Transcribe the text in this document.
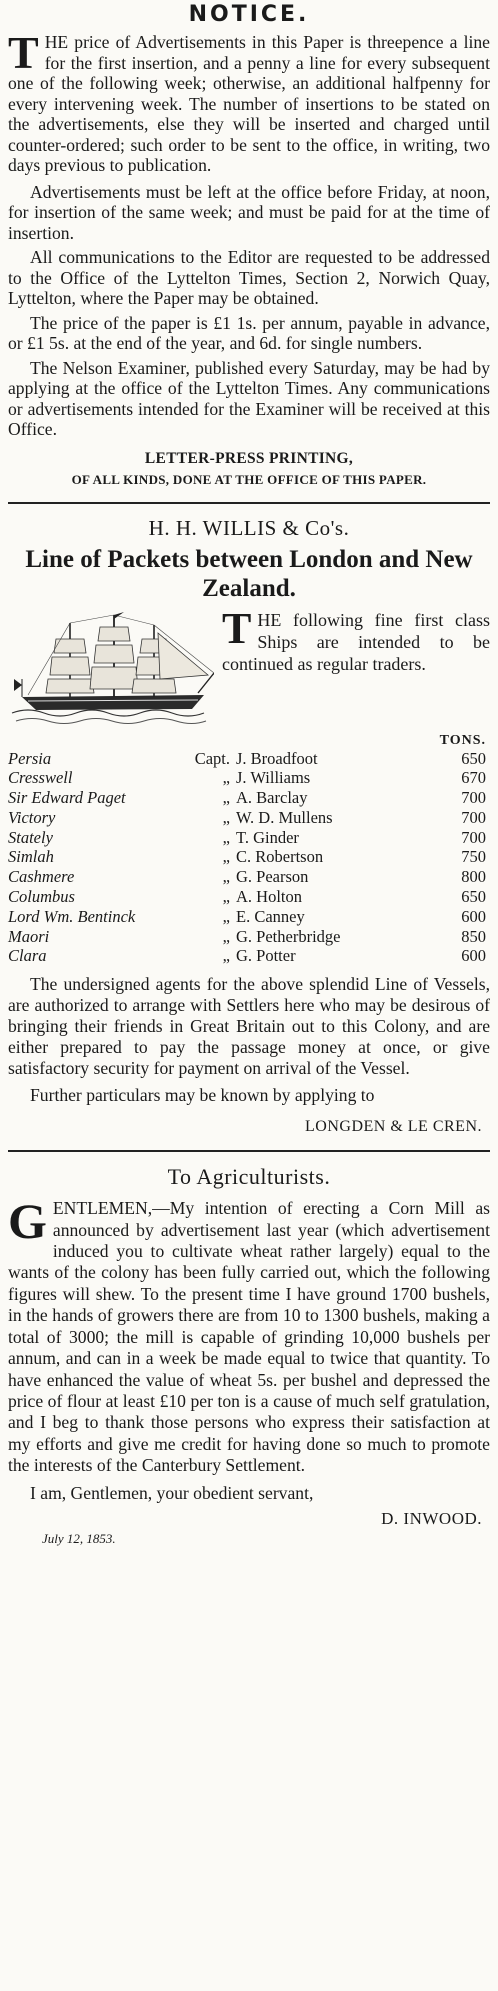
NOTICE.
THE price of Advertisements in this Paper is threepence a line for the first insertion, and a penny a line for every subsequent one of the following week; otherwise, an additional halfpenny for every intervening week. The number of insertions to be stated on the advertisements, else they will be inserted and charged until counter-ordered; such order to be sent to the office, in writing, two days previous to publication.

Advertisements must be left at the office before Friday, at noon, for insertion of the same week; and must be paid for at the time of insertion.

All communications to the Editor are requested to be addressed to the Office of the Lyttelton Times, Section 2, Norwich Quay, Lyttelton, where the Paper may be obtained.

The price of the paper is £1 1s. per annum, payable in advance, or £1 5s. at the end of the year, and 6d. for single numbers.

The Nelson Examiner, published every Saturday, may be had by applying at the office of the Lyttelton Times. Any communications or advertisements intended for the Examiner will be received at this Office.

LETTER-PRESS PRINTING,
OF ALL KINDS, DONE AT THE OFFICE OF THIS PAPER.
H. H. WILLIS & Co's.
Line of Packets between London and New Zealand.
THE following fine first class Ships are intended to be continued as regular traders.
TONS.
Persia	Capt.	J. Broadfoot	650
Cresswell	„	J. Williams	670
Sir Edward Paget	„	A. Barclay	700
Victory	„	W. D. Mullens	700
Stately	„	T. Ginder	700
Simlah	„	C. Robertson	750
Cashmere	„	G. Pearson	800
Columbus	„	A. Holton	650
Lord Wm. Bentinck	„	E. Canney	600
Maori	„	G. Petherbridge	850
Clara	„	G. Potter	600

The undersigned agents for the above splendid Line of Vessels, are authorized to arrange with Settlers here who may be desirous of bringing their friends in Great Britain out to this Colony, and are either prepared to pay the passage money at once, or give satisfactory security for payment on arrival of the Vessel.

Further particulars may be known by applying to

LONGDEN & LE CREN.
To Agriculturists.
GENTLEMEN,—My intention of erecting a Corn Mill as announced by advertisement last year (which advertisement induced you to cultivate wheat rather largely) equal to the wants of the colony has been fully carried out, which the following figures will shew. To the present time I have ground 1700 bushels, in the hands of growers there are from 10 to 1300 bushels, making a total of 3000; the mill is capable of grinding 10,000 bushels per annum, and can in a week be made equal to twice that quantity. To have enhanced the value of wheat 5s. per bushel and depressed the price of flour at least £10 per ton is a cause of much self gratulation, and I beg to thank those persons who express their satisfaction at my efforts and give me credit for having done so much to promote the interests of the Canterbury Settlement.

I am, Gentlemen, your obedient servant,

D. INWOOD.
July 12, 1853.
